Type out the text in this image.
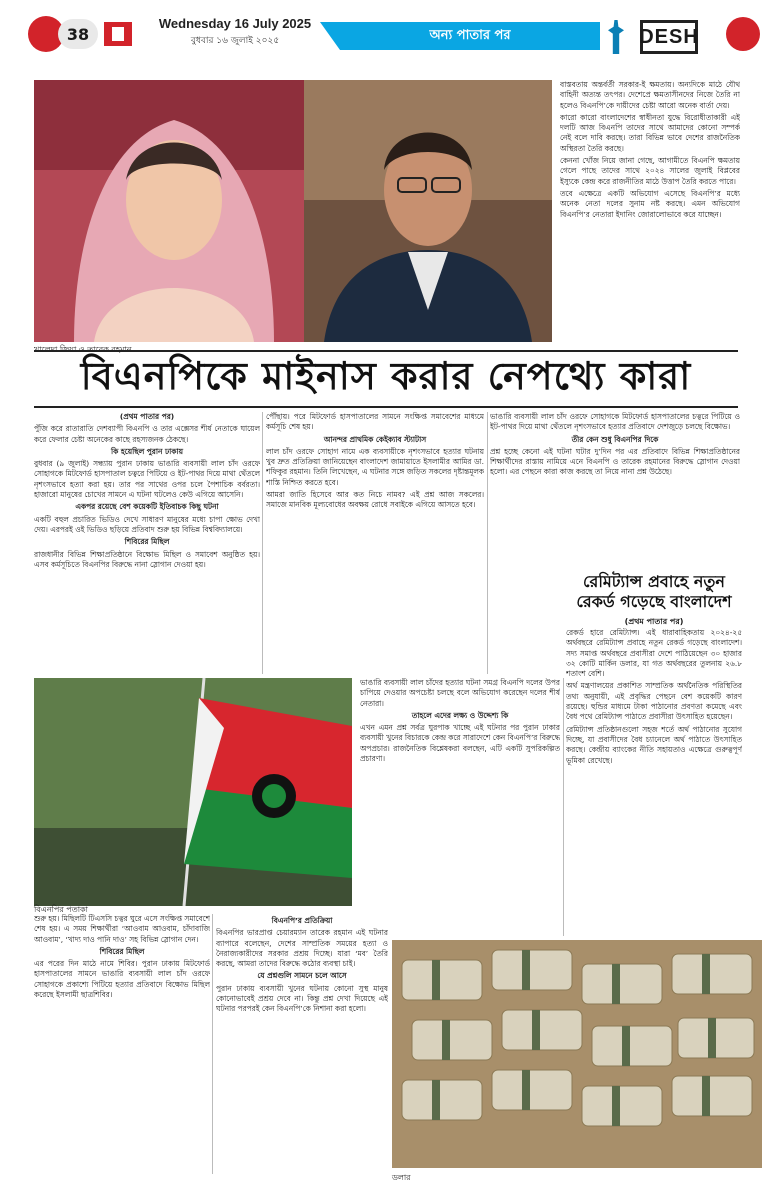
38
Wednesday 16 July 2025
বুধবার ১৬ জুলাই ২০২৫	অন্য পাতার পর	DESH
খালেদা জিয়া ও তারেক রহমান

বাস্তবতায় অন্তর্বর্তী সরকার-ই ক্ষমতায়। অন্যদিকে মাঠে যৌথ বাহিনী অত্যন্ত তৎপর। দেশেপ্রে ক্ষমতাসীনদের নিজে তৈরি না হলেও বিএনপি’কে দায়ীদের চেষ্টা আরো অনেক বার্তা দেয়।

কারো কারো বাংলাদেশের স্বাধীনতা যুদ্ধে বিরোধীতাকারী এই দলটি আজ বিএনপি তাদের সাথে আমাদের কোনো সম্পর্ক নেই বলে দাবি করছে। তারা বিভিন্ন ভাবে দেশের রাজনৈতিক অস্থিরতা তৈরি করছে।

কেননা খোঁজ নিয়ে জানা গেছে, আগামীতে বিএনপি ক্ষমতায় গেলে পাছে তাদের সাথে ২০২৪ সালের জুলাই বিপ্লবের ইস্যুকে কেন্দ্র করে রাজনীতির মাঠে উত্তাপ তৈরি করতে পারে।

তবে এক্ষেত্রে একটি অভিযোগ এসেছে বিএনপি’র মধ্যে অনেক নেতা দলের সুনাম নষ্ট করছে। এমন অভিযোগ বিএনপি’র নেতারা ইদানিং জোরালোভাবে করে যাচ্ছেন।

বিএনপিকে মাইনাস করার নেপথ্যে কারা
(প্রথম পাতার পর)

পুঁজি করে রাতারাতি দেশব্যাপী বিএনপি ও তার এক্সেসর শীর্ষ নেতাকে ঘায়েল করে ফেলার চেষ্টা অনেকের কাছে রহস্যজনক ঠেকছে।

কি হয়েছিল পুরান ঢাকায়

বুধবার (৯ জুলাই) সন্ধ্যায় পুরান ঢাকায় ভাঙারি ব্যবসায়ী লাল চাঁদ ওরফে সোহাগকে মিটফোর্ড হাসপাতাল চত্বরে পিটিয়ে ও ইট-পাথর দিয়ে মাথা থেঁতলে নৃশংসভাবে হত্যা করা হয়। তার পর সাথের ওপর চলে পৈশাচিক বর্বরতা। হাজারো মানুষের চোখের সামনে এ ঘটনা ঘটলেও কেউ এগিয়ে আসেনি।

একপর রয়েছে বেশ কয়েকটি ইতিবাচক কিছু ঘটনা

একটি বহুল প্রচারিত ভিডিও দেখে সাধারণ মানুষের মধ্যে চাপা ক্ষোভ দেখা দেয়। এরপরই ওই ভিডিও ছড়িয়ে প্রতিবাদ শুরু হয় বিভিন্ন বিশ্ববিদ্যালয়ে।

শিবিরের মিছিল

রাজধানীর বিভিন্ন শিক্ষাপ্রতিষ্ঠানে বিক্ষোভ মিছিল ও সমাবেশ অনুষ্ঠিত হয়। এসব কর্মসূচিতে বিএনপির বিরুদ্ধে নানা স্লোগান দেওয়া হয়।

পৌঁছায়। পরে মিটফোর্ড হাসপাতালের সামনে সংক্ষিপ্ত সমাবেশের মাধ্যমে কর্মসূচি শেষ হয়।

আনন্দর প্রাথমিক কেইক্যাব স্ট্যাটাস

লাল চাঁদ ওরফে সোহাগ নামে এক ব্যবসায়ীকে নৃশংসভাবে হত্যার ঘটনায় খুব দ্রুত প্রতিক্রিয়া জানিয়েছেন বাংলাদেশ জামায়াতে ইসলামীর আমির ডা. শফিকুর রহমান। তিনি লিখেছেন, এ ঘটনার সঙ্গে জড়িত সকলের দৃষ্টান্তমূলক শাস্তি নিশ্চিত করতে হবে।

আমরা জাতি হিসেবে আর কত নিচে নামব? এই প্রশ্ন আজ সকলের। সমাজে মানবিক মূল্যবোধের অবক্ষয় রোধে সবাইকে এগিয়ে আসতে হবে।

ভাঙারি ব্যবসায়ী লাল চাঁদ ওরফে সোহাগকে মিটফোর্ড হাসপাতালের চত্বরে পিটিয়ে ও ইট-পাথর দিয়ে মাথা থেঁতলে নৃশংসভাবে হত্যার প্রতিবাদে দেশজুড়ে চলছে বিক্ষোভ।

তীর কেন শুধু বিএনপির দিকে

প্রশ্ন হচ্ছে কেনো এই ঘটনা ঘটার দু’দিন পর এর প্রতিবাদে বিভিন্ন শিক্ষাপ্রতিষ্ঠানের শিক্ষার্থীদের রাস্তায় নামিয়ে এনে বিএনপি ও তারেক রহমানের বিরুদ্ধে স্লোগান দেওয়া হলো। এর পেছনে কারা কাজ করছে তা নিয়ে নানা প্রশ্ন উঠেছে।

বিএনপির পতাকা

ভাঙারি ব্যবসায়ী লাল চাঁদের হত্যার ঘটনা সমগ্র বিএনপি দলের উপর চাপিয়ে দেওয়ার অপচেষ্টা চলছে বলে অভিযোগ করেছেন দলের শীর্ষ নেতারা।

তাহলে এদের লক্ষ্য ও উদ্দেশ্য কি

এখন এমন প্রশ্ন সর্বত্র ঘুরপাক খাচ্ছে এই ঘটনার পর পুরান ঢাকার ব্যবসায়ী খুনের বিচারকে কেন্দ্র করে সারাদেশে কেন বিএনপি’র বিরুদ্ধে অপপ্রচার। রাজনৈতিক বিশ্লেষকরা বলছেন, এটি একটি সুপরিকল্পিত প্রচারণা।

রেমিট্যান্স প্রবাহে নতুন রেকর্ড গড়েছে বাংলাদেশ
(প্রথম পাতার পর)

রেকর্ড হারে রেমিট্যান্স। এই ধারাবাহিকতায় ২০২৪-২৫ অর্থবছরে রেমিট্যান্স প্রবাহে নতুন রেকর্ড গড়েছে বাংলাদেশ। সদ্য সমাপ্ত অর্থবছরে প্রবাসীরা দেশে পাঠিয়েছেন ৩০ হাজার ৩২ কোটি মার্কিন ডলার, যা গত অর্থবছরের তুলনায় ২৬.৮ শতাংশ বেশি।

অর্থ মন্ত্রণালয়ের প্রকাশিত সাম্প্রতিক অর্থনৈতিক পরিস্থিতির তথ্য অনুযায়ী, এই প্রবৃদ্ধির পেছনে বেশ কয়েকটি কারণ রয়েছে। হুন্ডির মাধ্যমে টাকা পাঠানোর প্রবণতা কমেছে এবং বৈধ পথে রেমিট্যান্স পাঠাতে প্রবাসীরা উৎসাহিত হয়েছেন।

রেমিট্যান্স প্রতিষ্ঠানগুলো সহজ শর্তে অর্থ পাঠানোর সুযোগ দিচ্ছে, যা প্রবাসীদের বৈধ চ্যানেলে অর্থ পাঠাতে উৎসাহিত করছে। কেন্দ্রীয় ব্যাংকের নীতি সহায়তাও এক্ষেত্রে গুরুত্বপূর্ণ ভূমিকা রেখেছে।

শুরু হয়। মিছিলটি টিএসসি চত্বর ঘুরে এসে সংক্ষিপ্ত সমাবেশে শেষ হয়। এ সময় শিক্ষার্থীরা ‘আওবাম আওবাম, চাঁদাবাজি আওবাম’, ‘খাদ্য দাও পানি দাও’ সহ বিভিন্ন স্লোগান দেন।

শিবিরের মিছিল

এর পরের দিন মাঠে নামে শিবির। পুরান ঢাকায় মিটফোর্ড হাসপাতালের সামনে ভাঙারি ব্যবসায়ী লাল চাঁদ ওরফে সোহাগকে প্রকাশ্যে পিটিয়ে হত্যার প্রতিবাদে বিক্ষোভ মিছিল করেছে ইসলামী ছাত্রশিবির।

বিএনপি’র প্রতিক্রিয়া

বিএনপির ভারপ্রাপ্ত চেয়ারম্যান তারেক রহমান এই ঘটনার ব্যাপারে বলেছেন, দেশের সাম্প্রতিক সময়ের হত্যা ও নৈরাজ্যকারীদের সরকার প্রশ্রয় দিচ্ছে। যারা ‘মব’ তৈরি করছে, আমরা তাদের বিরুদ্ধে কঠোর ব্যবস্থা চাই।

যে প্রশ্নগুলি সামনে চলে আসে

পুরান ঢাকায় ব্যবসায়ী খুনের ঘটনায় কোনো সুস্থ মানুষ কোনোভাবেই প্রশ্রয় দেবে না। কিন্তু প্রশ্ন দেখা দিয়েছে এই ঘটনার পরপরই কেন বিএনপি’কে নিশানা করা হলো।

ডলার
